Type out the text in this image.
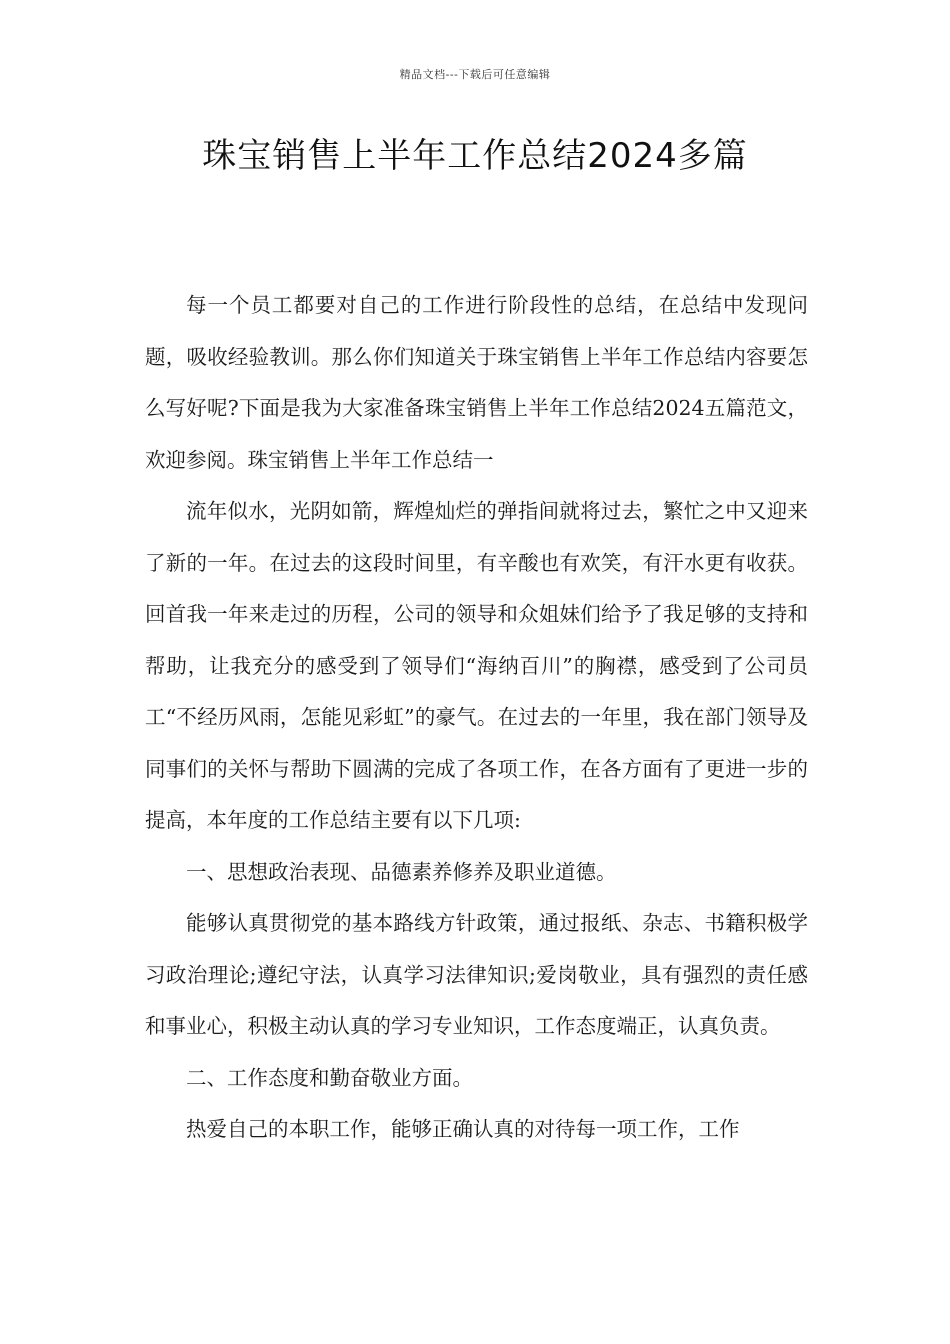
精品文档---下载后可任意编辑
珠宝销售上半年工作总结2024多篇

每一个员工都要对自己的工作进行阶段性的总结，在总结中发现问题，吸收经验教训。那么你们知道关于珠宝销售上半年工作总结内容要怎么写好呢?下面是我为大家准备珠宝销售上半年工作总结2024五篇范文，欢迎参阅。珠宝销售上半年工作总结一

流年似水，光阴如箭，辉煌灿烂的弹指间就将过去，繁忙之中又迎来了新的一年。在过去的这段时间里，有辛酸也有欢笑，有汗水更有收获。回首我一年来走过的历程，公司的领导和众姐妹们给予了我足够的支持和帮助，让我充分的感受到了领导们“海纳百川”的胸襟，感受到了公司员工“不经历风雨，怎能见彩虹”的豪气。在过去的一年里，我在部门领导及同事们的关怀与帮助下圆满的完成了各项工作，在各方面有了更进一步的提高，本年度的工作总结主要有以下几项:

一、思想政治表现、品德素养修养及职业道德。

能够认真贯彻党的基本路线方针政策，通过报纸、杂志、书籍积极学习政治理论;遵纪守法，认真学习法律知识;爱岗敬业，具有强烈的责任感和事业心，积极主动认真的学习专业知识，工作态度端正，认真负责。

二、工作态度和勤奋敬业方面。

热爱自己的本职工作，能够正确认真的对待每一项工作，工作
